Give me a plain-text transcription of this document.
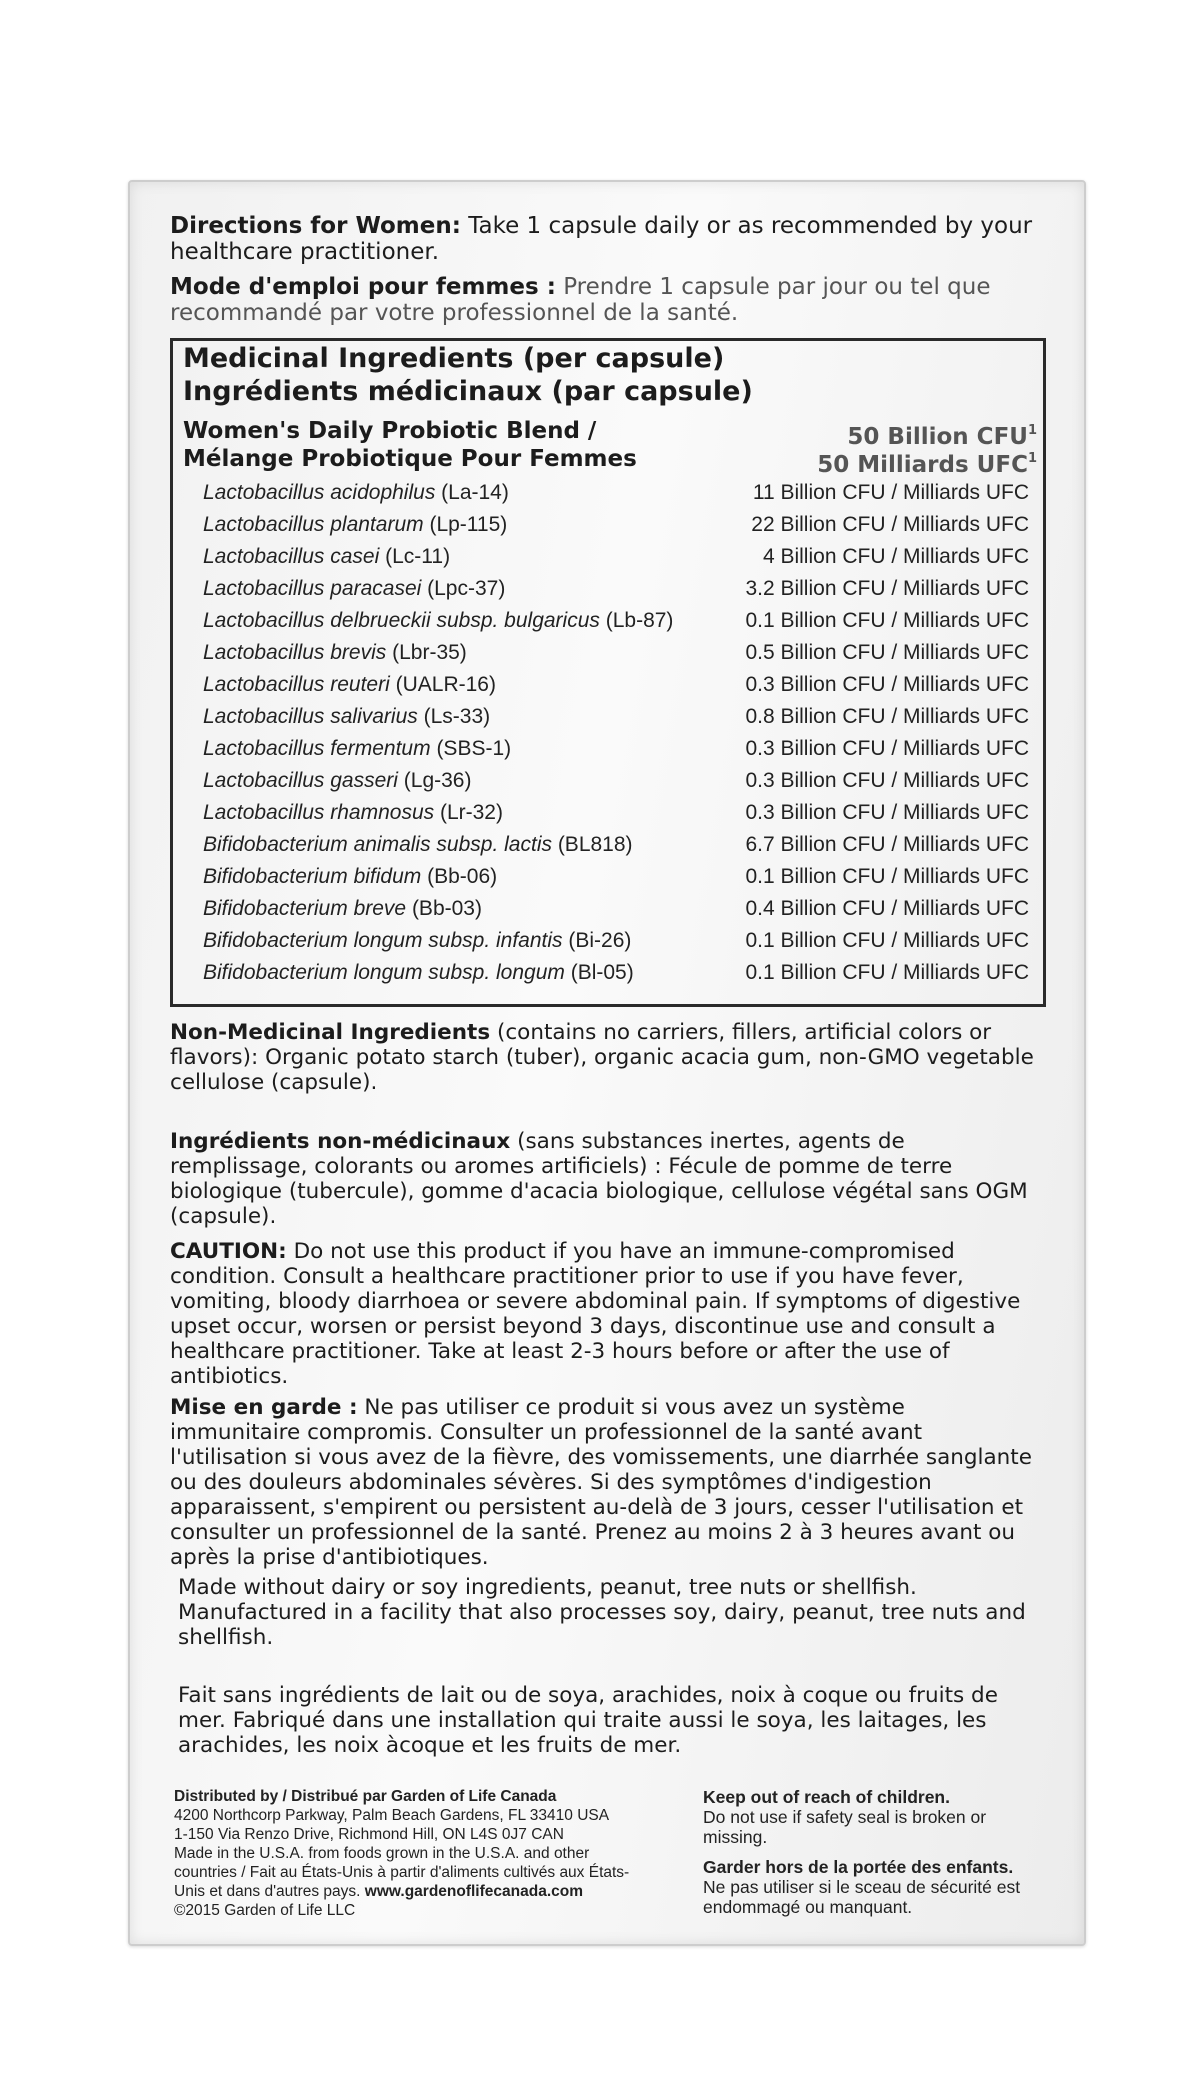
Directions for Women: Take 1 capsule daily or as recommended by your healthcare practitioner.
Mode d'emploi pour femmes : Prendre 1 capsule par jour ou tel que recommandé par votre professionnel de la santé.
Medicinal Ingredients (per capsule)
Ingrédients médicinaux (par capsule)
Women's Daily Probiotic Blend /	50 Billion CFU$^1$
Mélange Probiotique Pour Femmes	50 Milliards UFC$^1$
Lactobacillus acidophilus (La-14)	11 Billion CFU / Milliards UFC
Lactobacillus plantarum (Lp-115)	22 Billion CFU / Milliards UFC
Lactobacillus casei (Lc-11)	4 Billion CFU / Milliards UFC
Lactobacillus paracasei (Lpc-37)	3.2 Billion CFU / Milliards UFC
Lactobacillus delbrueckii subsp. bulgaricus (Lb-87)	0.1 Billion CFU / Milliards UFC
Lactobacillus brevis (Lbr-35)	0.5 Billion CFU / Milliards UFC
Lactobacillus reuteri (UALR-16)	0.3 Billion CFU / Milliards UFC
Lactobacillus salivarius (Ls-33)	0.8 Billion CFU / Milliards UFC
Lactobacillus fermentum (SBS-1)	0.3 Billion CFU / Milliards UFC
Lactobacillus gasseri (Lg-36)	0.3 Billion CFU / Milliards UFC
Lactobacillus rhamnosus (Lr-32)	0.3 Billion CFU / Milliards UFC
Bifidobacterium animalis subsp. lactis (BL818)	6.7 Billion CFU / Milliards UFC
Bifidobacterium bifidum (Bb-06)	0.1 Billion CFU / Milliards UFC
Bifidobacterium breve (Bb-03)	0.4 Billion CFU / Milliards UFC
Bifidobacterium longum subsp. infantis (Bi-26)	0.1 Billion CFU / Milliards UFC
Bifidobacterium longum subsp. longum (Bl-05)	0.1 Billion CFU / Milliards UFC
Non-Medicinal Ingredients (contains no carriers, fillers, artificial colors or flavors): Organic potato starch (tuber), organic acacia gum, non-GMO vegetable cellulose (capsule).
Ingrédients non-médicinaux (sans substances inertes, agents de remplissage, colorants ou aromes artificiels) : Fécule de pomme de terre biologique (tubercule), gomme d'acacia biologique, cellulose végétal sans OGM (capsule).
CAUTION: Do not use this product if you have an immune-compromised condition. Consult a healthcare practitioner prior to use if you have fever, vomiting, bloody diarrhoea or severe abdominal pain. If symptoms of digestive upset occur, worsen or persist beyond 3 days, discontinue use and consult a healthcare practitioner. Take at least 2-3 hours before or after the use of antibiotics.
Mise en garde : Ne pas utiliser ce produit si vous avez un système immunitaire compromis. Consulter un professionnel de la santé avant l'utilisation si vous avez de la fièvre, des vomissements, une diarrhée sanglante ou des douleurs abdominales sévères. Si des symptômes d'indigestion apparaissent, s'empirent ou persistent au-delà de 3 jours, cesser l'utilisation et consulter un professionnel de la santé. Prenez au moins 2 à 3 heures avant ou après la prise d'antibiotiques.
Made without dairy or soy ingredients, peanut, tree nuts or shellfish. Manufactured in a facility that also processes soy, dairy, peanut, tree nuts and shellfish.
Fait sans ingrédients de lait ou de soya, arachides, noix à coque ou fruits de mer. Fabriqué dans une installation qui traite aussi le soya, les laitages, les arachides, les noix àcoque et les fruits de mer.
Distributed by / Distribué par Garden of Life Canada
4200 Northcorp Parkway, Palm Beach Gardens, FL 33410 USA
1-150 Via Renzo Drive, Richmond Hill, ON L4S 0J7 CAN
Made in the U.S.A. from foods grown in the U.S.A. and other countries / Fait au États-Unis à partir d'aliments cultivés aux États-Unis et dans d'autres pays. www.gardenoflifecanada.com
©2015 Garden of Life LLC
Keep out of reach of children.
Do not use if safety seal is broken or missing.
Garder hors de la portée des enfants.
Ne pas utiliser si le sceau de sécurité est endommagé ou manquant.
